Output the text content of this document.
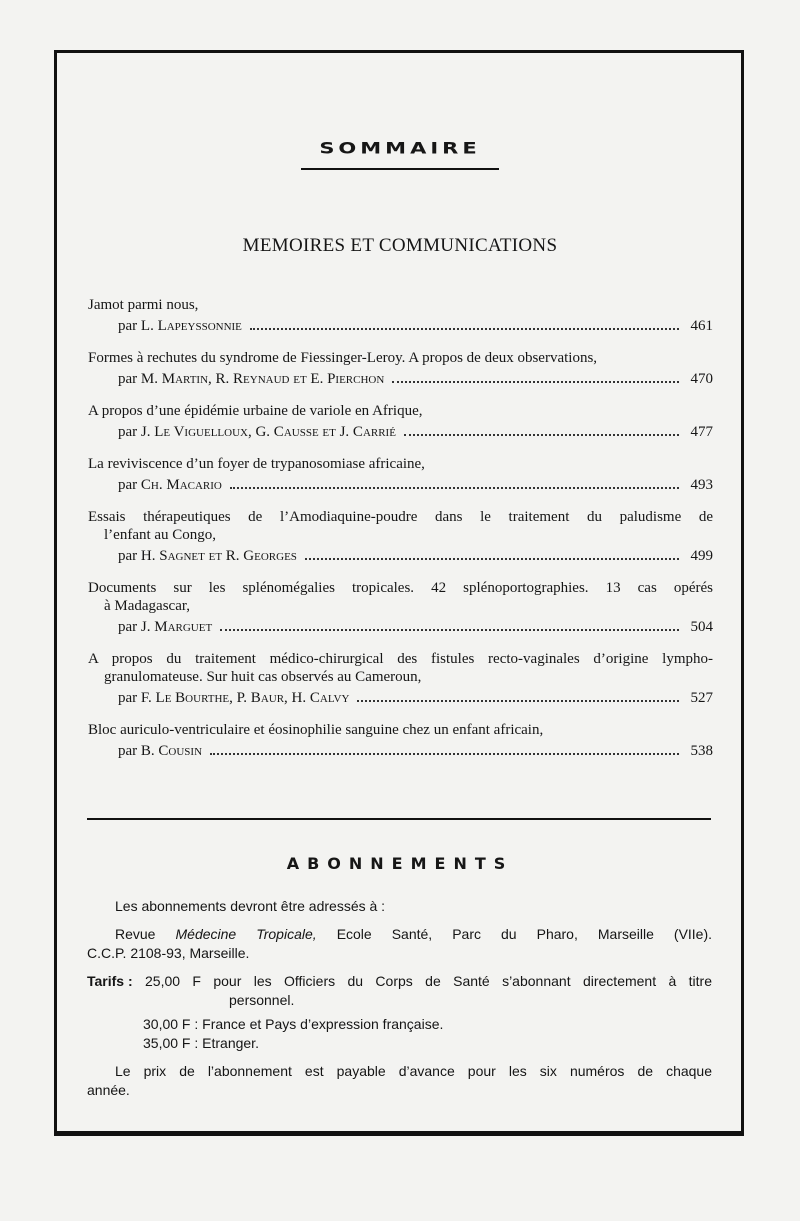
SOMMAIRE
MEMOIRES ET COMMUNICATIONS
Jamot parmi nous,
par L. Lapeyssonnie	461
Formes à rechutes du syndrome de Fiessinger-Leroy. A propos de deux observations,
par M. Martin, R. Reynaud et E. Pierchon	470
A propos d’une épidémie urbaine de variole en Afrique,
par J. Le Viguelloux, G. Causse et J. Carrié	477
La reviviscence d’un foyer de trypanosomiase africaine,
par Ch. Macario	493
Essais thérapeutiques de l’Amodiaquine-poudre dans le traitement du paludisme de
l’enfant au Congo,
par H. Sagnet et R. Georges	499
Documents sur les splénomégalies tropicales. 42 splénoportographies. 13 cas opérés
à Madagascar,
par J. Marguet	504
A propos du traitement médico-chirurgical des fistules recto-vaginales d’origine lympho-
granulomateuse. Sur huit cas observés au Cameroun,
par F. Le Bourthe, P. Baur, H. Calvy	527
Bloc auriculo-ventriculaire et éosinophilie sanguine chez un enfant africain,
par B. Cousin	538
ABONNEMENTS

Les abonnements devront être adressés à :

Revue Médecine Tropicale, Ecole Santé, Parc du Pharo, Marseille (VIIe).

C.C.P. 2108-93, Marseille.

Tarifs : 25,00 F pour les Officiers du Corps de Santé s’abonnant directement à titre

personnel.

30,00 F : France et Pays d’expression française.

35,00 F : Etranger.

Le prix de l’abonnement est payable d’avance pour les six numéros de chaque

année.
